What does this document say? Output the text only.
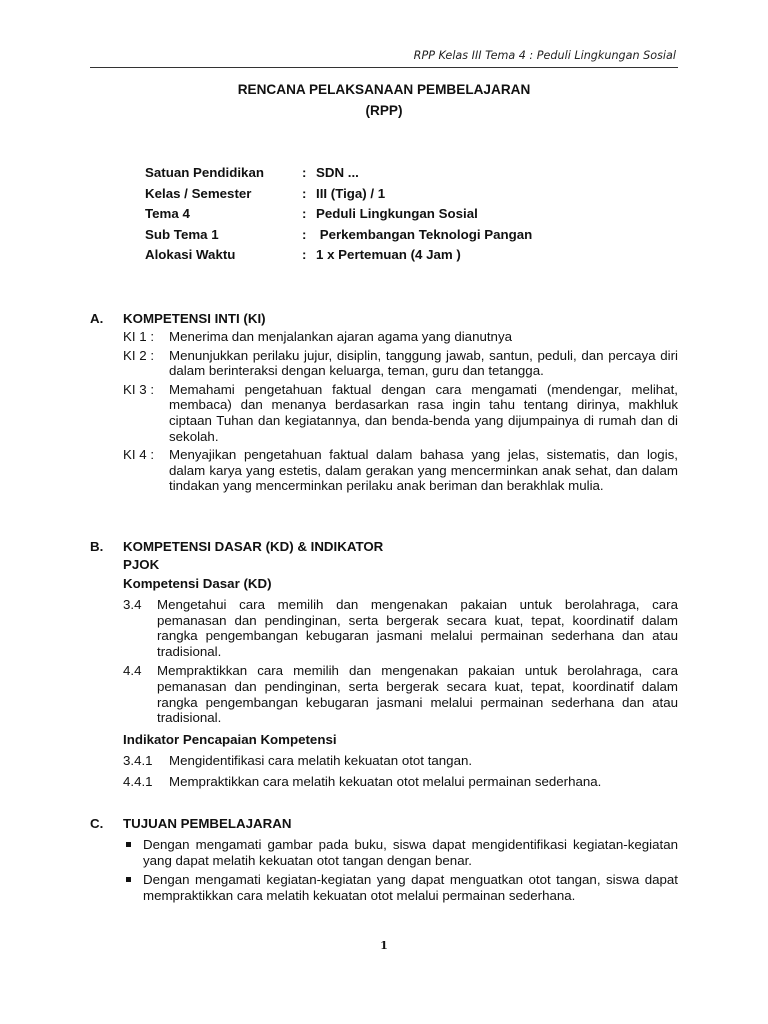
RPP Kelas III Tema 4 : Peduli Lingkungan Sosial
RENCANA PELAKSANAAN PEMBELAJARAN
(RPP)
Satuan Pendidikan	: SDN ...
Kelas / Semester	: III (Tiga) / 1
Tema 4	: Peduli Lingkungan Sosial
Sub Tema 1	: Perkembangan Teknologi Pangan
Alokasi Waktu	: 1 x Pertemuan (4 Jam )
A.	KOMPETENSI INTI (KI)
KI 1 :	Menerima dan menjalankan ajaran agama yang dianutnya
KI 2 :	Menunjukkan perilaku jujur, disiplin, tanggung jawab, santun, peduli, dan percaya diri dalam berinteraksi dengan keluarga, teman, guru dan tetangga.
KI 3 :	Memahami pengetahuan faktual dengan cara mengamati (mendengar, melihat, membaca) dan menanya berdasarkan rasa ingin tahu tentang dirinya, makhluk ciptaan Tuhan dan kegiatannya, dan benda-benda yang dijumpainya di rumah dan di sekolah.
KI 4 :	Menyajikan pengetahuan faktual dalam bahasa yang jelas, sistematis, dan logis, dalam karya yang estetis, dalam gerakan yang mencerminkan anak sehat, dan dalam tindakan yang mencerminkan perilaku anak beriman dan berakhlak mulia.
B.	KOMPETENSI DASAR (KD) & INDIKATOR
PJOK
Kompetensi Dasar (KD)
3.4	Mengetahui cara memilih dan mengenakan pakaian untuk berolahraga, cara pemanasan dan pendinginan, serta bergerak secara kuat, tepat, koordinatif dalam rangka pengembangan kebugaran jasmani melalui permainan sederhana dan atau tradisional.
4.4	Mempraktikkan cara memilih dan mengenakan pakaian untuk berolahraga, cara pemanasan dan pendinginan, serta bergerak secara kuat, tepat, koordinatif dalam rangka pengembangan kebugaran jasmani melalui permainan sederhana dan atau tradisional.
Indikator Pencapaian Kompetensi
3.4.1	Mengidentifikasi cara melatih kekuatan otot tangan.
4.4.1	Mempraktikkan cara melatih kekuatan otot melalui permainan sederhana.
C.	TUJUAN PEMBELAJARAN
Dengan mengamati gambar pada buku, siswa dapat mengidentifikasi kegiatan-kegiatan yang dapat melatih kekuatan otot tangan dengan benar.
Dengan mengamati kegiatan-kegiatan yang dapat menguatkan otot tangan, siswa dapat mempraktikkan cara melatih kekuatan otot melalui permainan sederhana.
1
